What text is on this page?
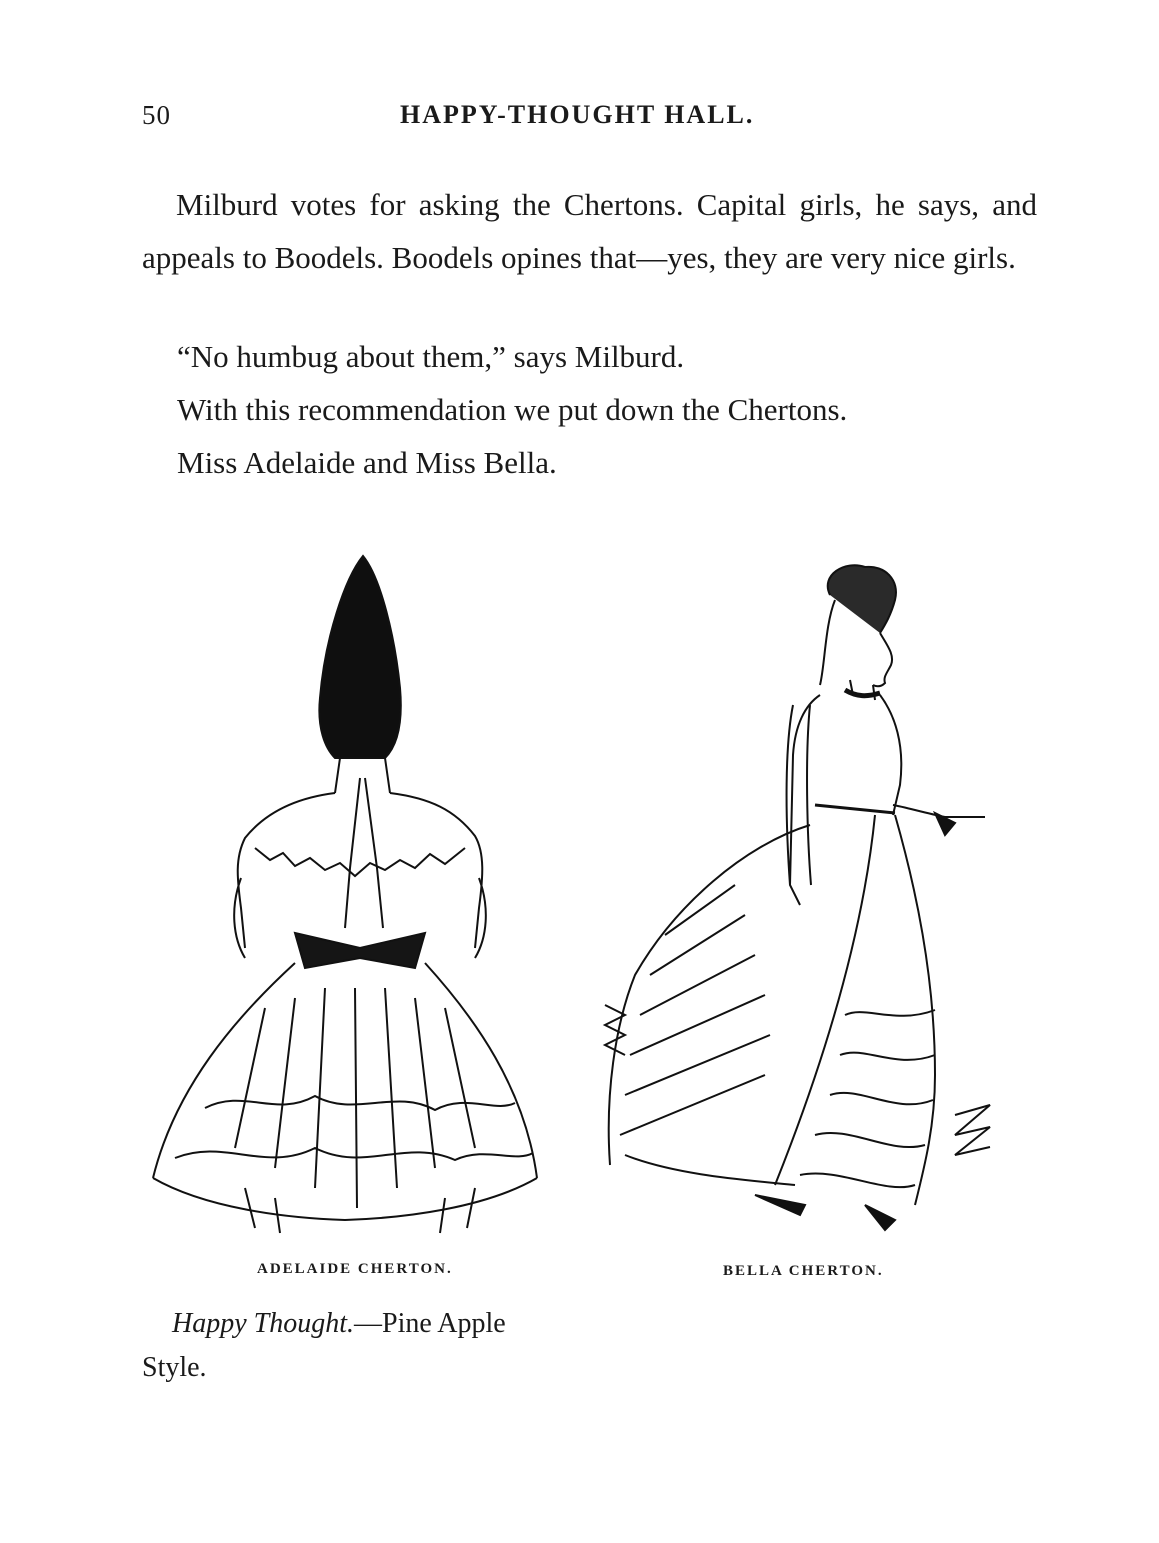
50	HAPPY-THOUGHT HALL.

Milburd votes for asking the Chertons. Capital girls, he says, and appeals to Boodels. Boodels opines that—yes, they are very nice girls.

“No humbug about them,” says Milburd.
With this recommendation we put down the Chertons.
Miss Adelaide and Miss Bella.
ADELAIDE CHERTON.	BELLA CHERTON.
Happy Thought.—Pine Apple Style.
